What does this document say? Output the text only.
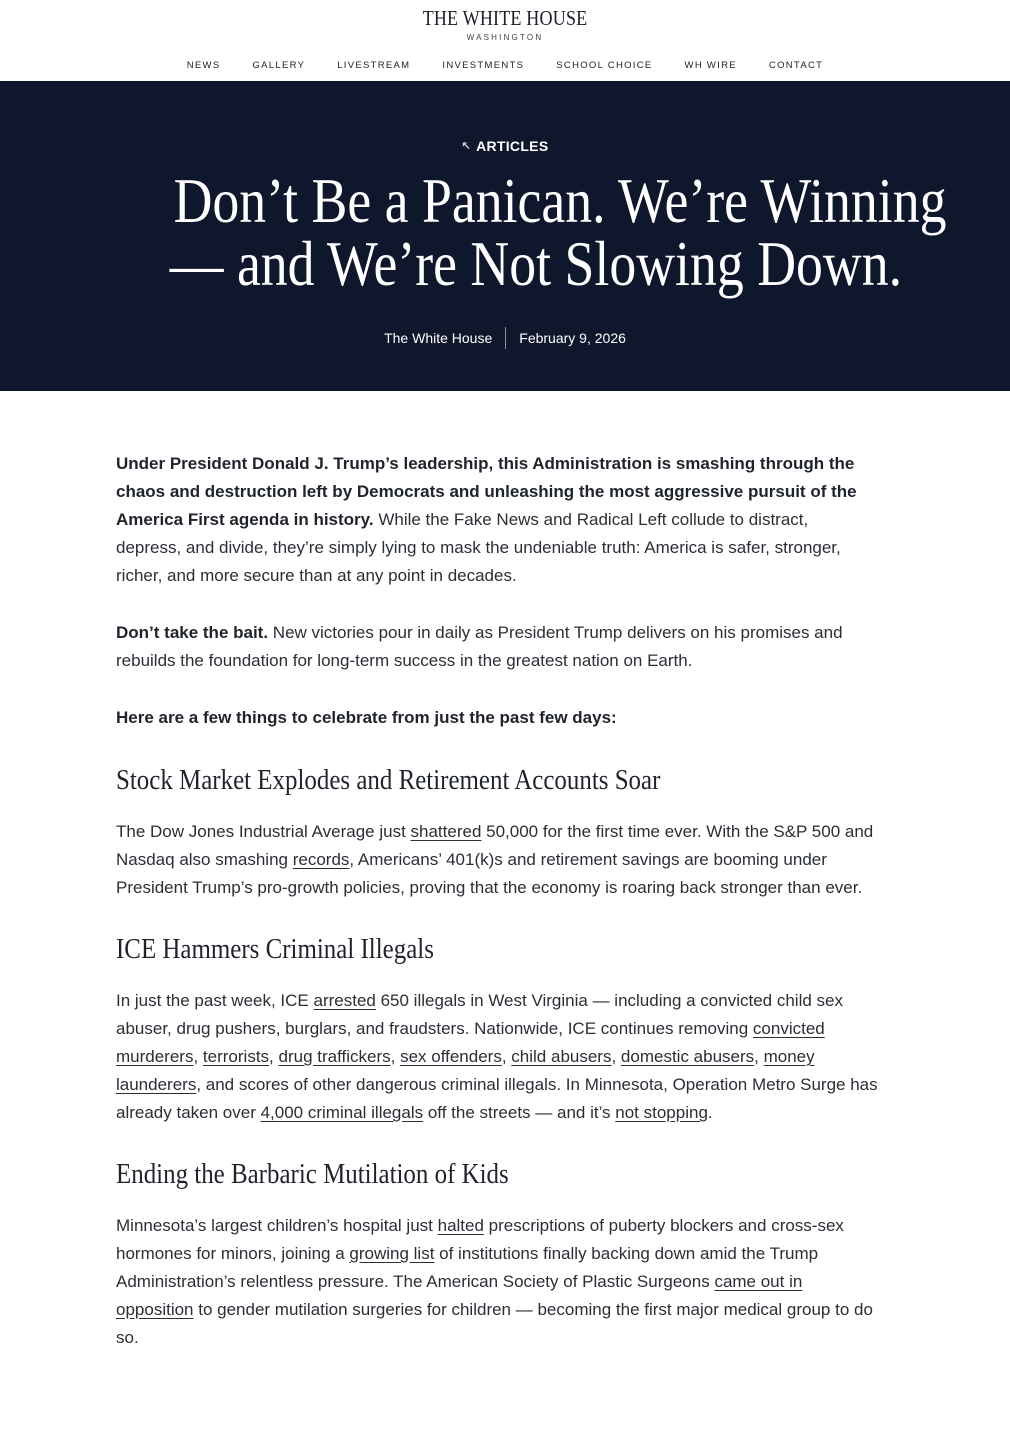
THE WHITE HOUSE
WASHINGTON
NEWS	GALLERY	LIVESTREAM	INVESTMENTS	SCHOOL CHOICE	WH WIRE	CONTACT
↖ ARTICLES
Don’t Be a Panican. We’re Winning
— and We’re Not Slowing Down.
The White House February 9, 2026

Under President Donald J. Trump’s leadership, this Administration is smashing through the chaos and destruction left by Democrats and unleashing the most aggressive pursuit of the America First agenda in history. While the Fake News and Radical Left collude to distract, depress, and divide, they’re simply lying to mask the undeniable truth: America is safer, stronger, richer, and more secure than at any point in decades.

Don’t take the bait. New victories pour in daily as President Trump delivers on his promises and rebuilds the foundation for long-term success in the greatest nation on Earth.

Here are a few things to celebrate from just the past few days:

Stock Market Explodes and Retirement Accounts Soar

The Dow Jones Industrial Average just shattered 50,000 for the first time ever. With the S&P 500 and Nasdaq also smashing records, Americans’ 401(k)s and retirement savings are booming under President Trump’s pro-growth policies, proving that the economy is roaring back stronger than ever.

ICE Hammers Criminal Illegals

In just the past week, ICE arrested 650 illegals in West Virginia — including a convicted child sex abuser, drug pushers, burglars, and fraudsters. Nationwide, ICE continues removing convicted murderers, terrorists, drug traffickers, sex offenders, child abusers, domestic abusers, money launderers, and scores of other dangerous criminal illegals. In Minnesota, Operation Metro Surge has already taken over 4,000 criminal illegals off the streets — and it’s not stopping.

Ending the Barbaric Mutilation of Kids

Minnesota’s largest children’s hospital just halted prescriptions of puberty blockers and cross-sex hormones for minors, joining a growing list of institutions finally backing down amid the Trump Administration’s relentless pressure. The American Society of Plastic Surgeons came out in opposition to gender mutilation surgeries for children — becoming the first major medical group to do so.
